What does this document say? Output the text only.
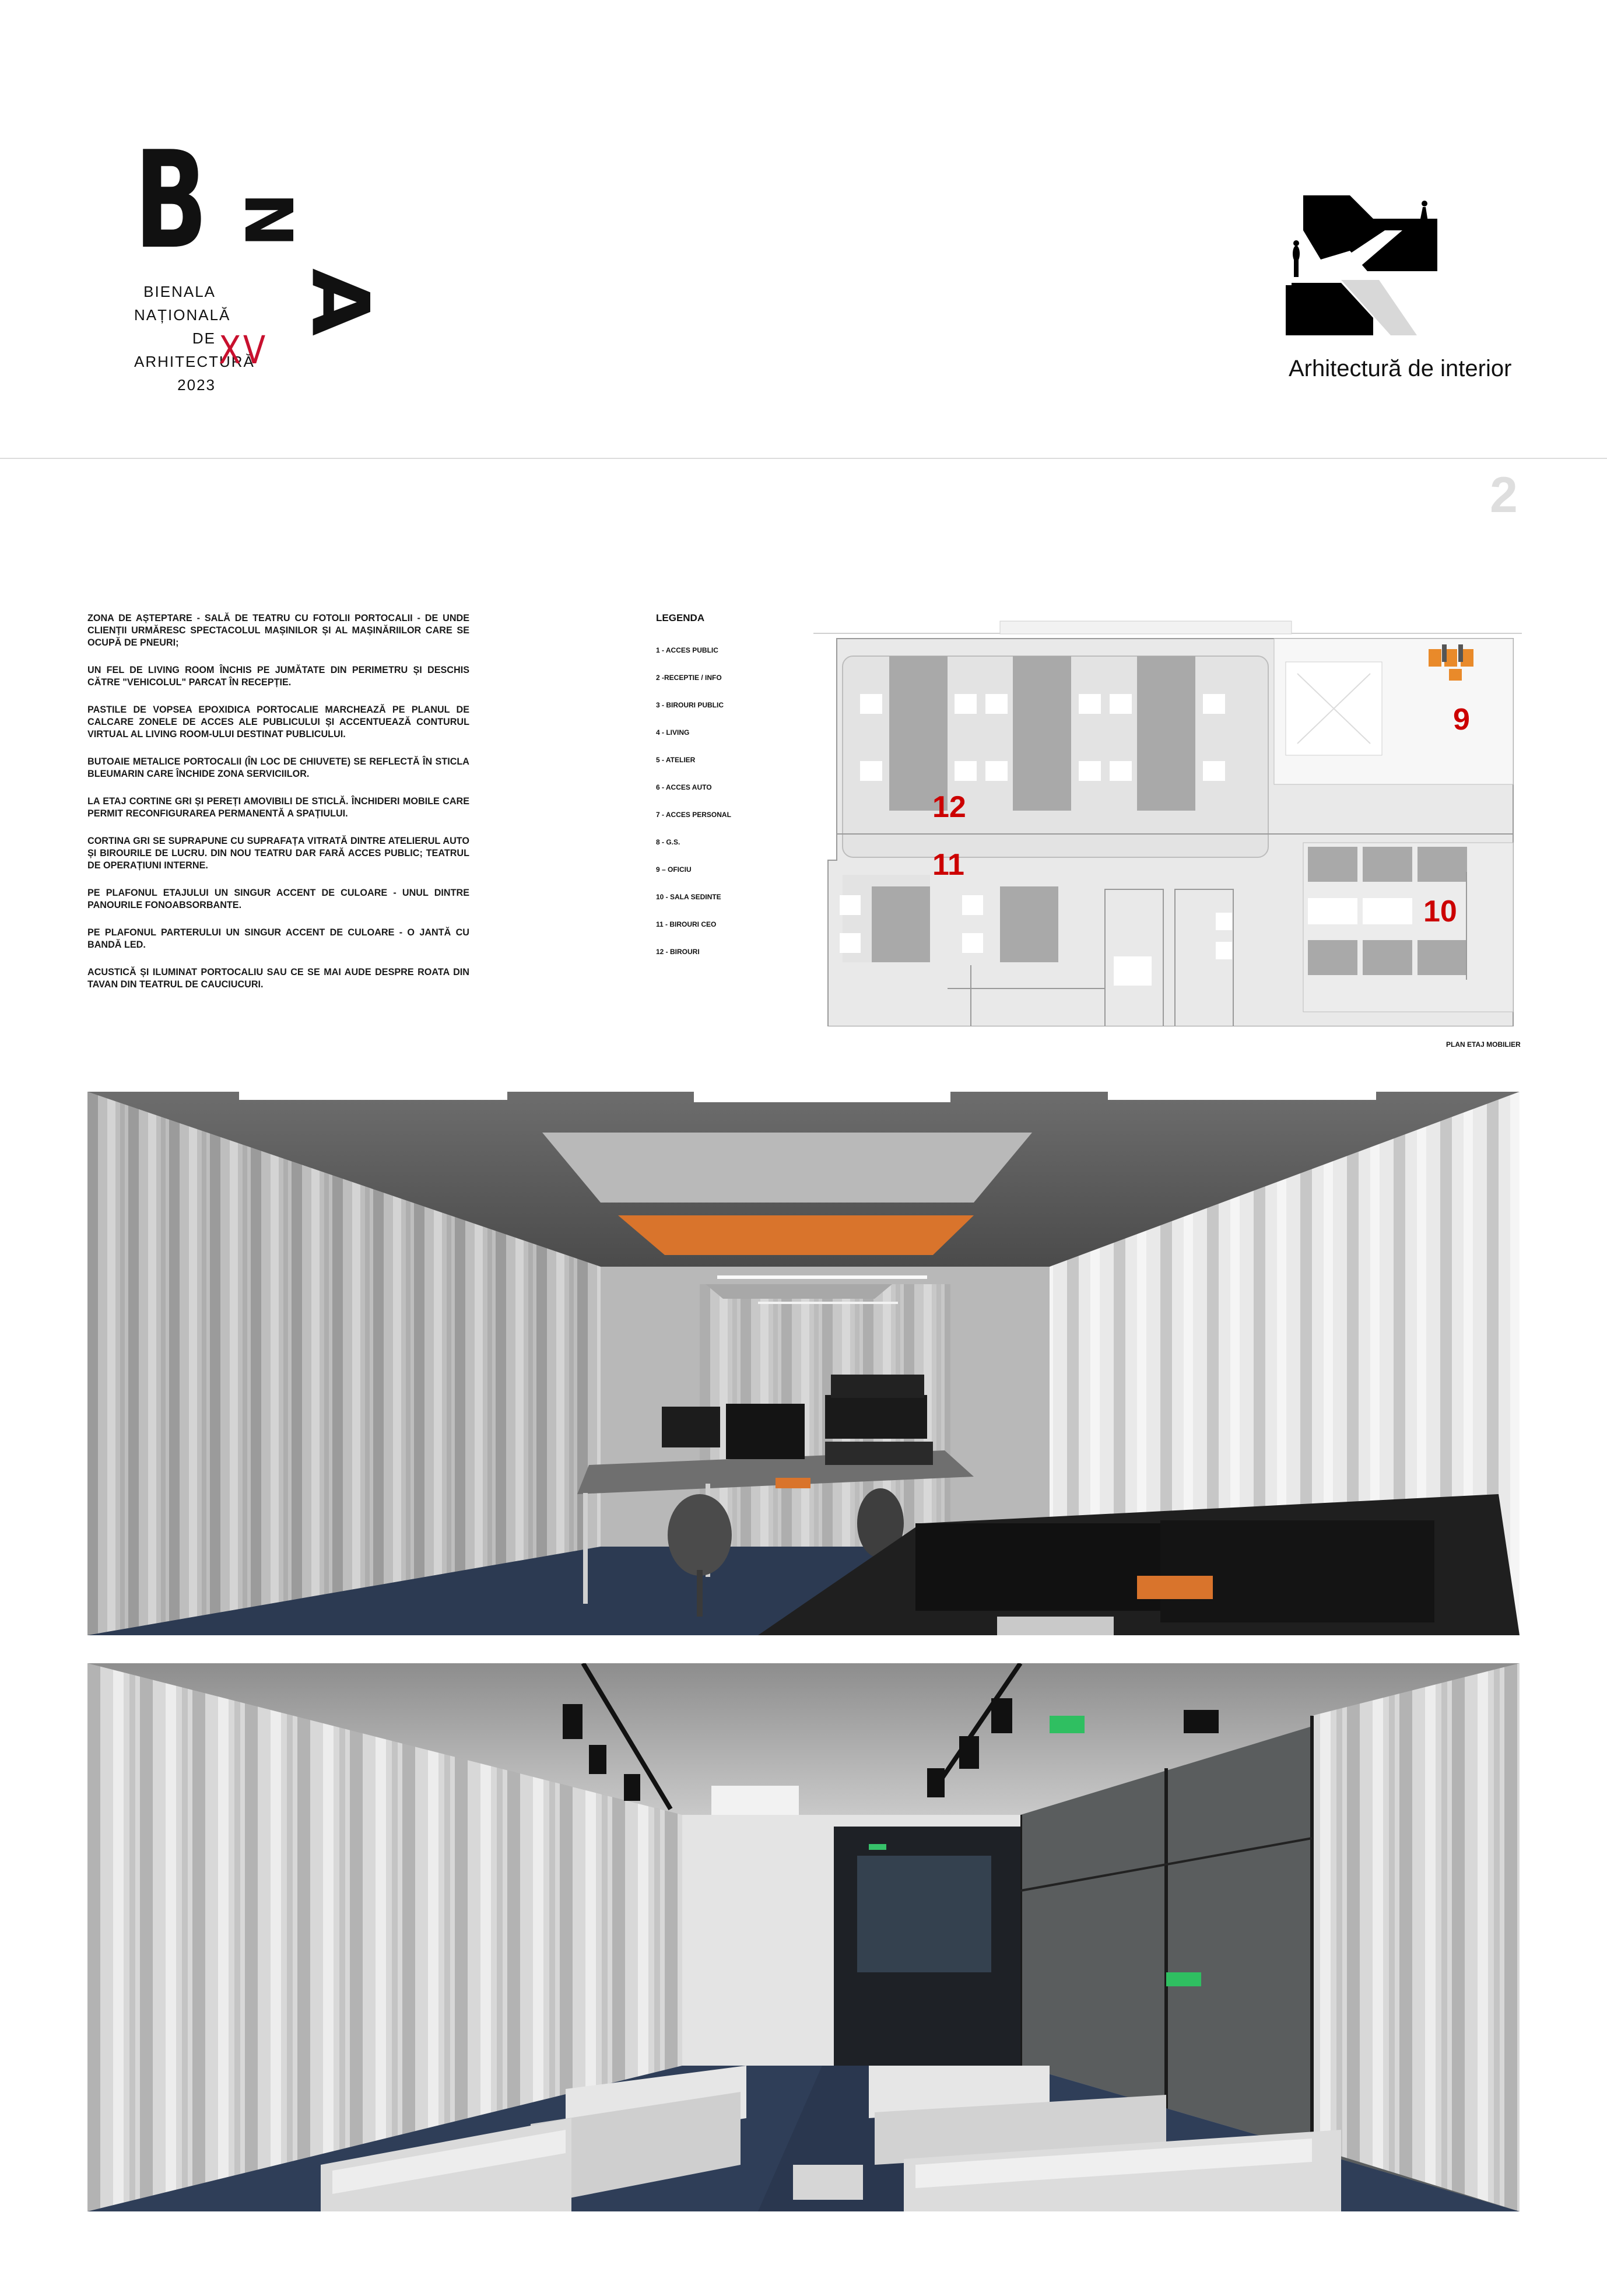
B N
A
BIENALA
NAȚIONALĂ
DE
ARHITECTURĂ
2023
XV	Arhitectură de interior
2

ZONA DE AȘTEPTARE - SALĂ DE TEATRU CU FOTOLII PORTOCALII - DE UNDE CLIENȚII URMĂRESC SPECTACOLUL MAȘINILOR ȘI AL MAȘINĂRIILOR CARE SE OCUPĂ DE PNEURI;

UN FEL DE LIVING ROOM ÎNCHIS PE JUMĂTATE DIN PERIMETRU ȘI DESCHIS CĂTRE "VEHICOLUL" PARCAT ÎN RECEPȚIE.

PASTILE DE VOPSEA EPOXIDICA PORTOCALIE MARCHEAZĂ PE PLANUL DE CALCARE ZONELE DE ACCES ALE PUBLICULUI ȘI ACCENTUEAZĂ CONTURUL VIRTUAL AL LIVING ROOM-ULUI DESTINAT PUBLICULUI.

BUTOAIE METALICE PORTOCALII (ÎN LOC DE CHIUVETE) SE REFLECTĂ ÎN STICLA BLEUMARIN CARE ÎNCHIDE ZONA SERVICIILOR.

LA ETAJ CORTINE GRI ȘI PEREȚI AMOVIBILI DE STICLĂ. ÎNCHIDERI MOBILE CARE PERMIT RECONFIGURAREA PERMANENTĂ A SPAȚIULUI.

CORTINA GRI SE SUPRAPUNE CU SUPRAFAȚA VITRATĂ DINTRE ATELIERUL AUTO ȘI BIROURILE DE LUCRU. DIN NOU TEATRU DAR FARĂ ACCES PUBLIC; TEATRUL DE OPERAȚIUNI INTERNE.

PE PLAFONUL ETAJULUI UN SINGUR ACCENT DE CULOARE - UNUL DINTRE PANOURILE FONOABSORBANTE.

PE PLAFONUL PARTERULUI UN SINGUR ACCENT DE CULOARE - O JANTĂ CU BANDĂ LED.

ACUSTICĂ ȘI ILUMINAT PORTOCALIU SAU CE SE MAI AUDE DESPRE ROATA DIN TAVAN DIN TEATRUL DE CAUCIUCURI.

LEGENDA
1 - ACCES PUBLIC
2 -RECEPTIE / INFO
3 - BIROURI PUBLIC
4 - LIVING
5 - ATELIER
6 - ACCES AUTO
7 - ACCES PERSONAL
8 - G.S.
9 – OFICIU
10 - SALA SEDINTE
11 - BIROURI CEO
12 - BIROURI
12
11
9
10
PLAN ETAJ MOBILIER
